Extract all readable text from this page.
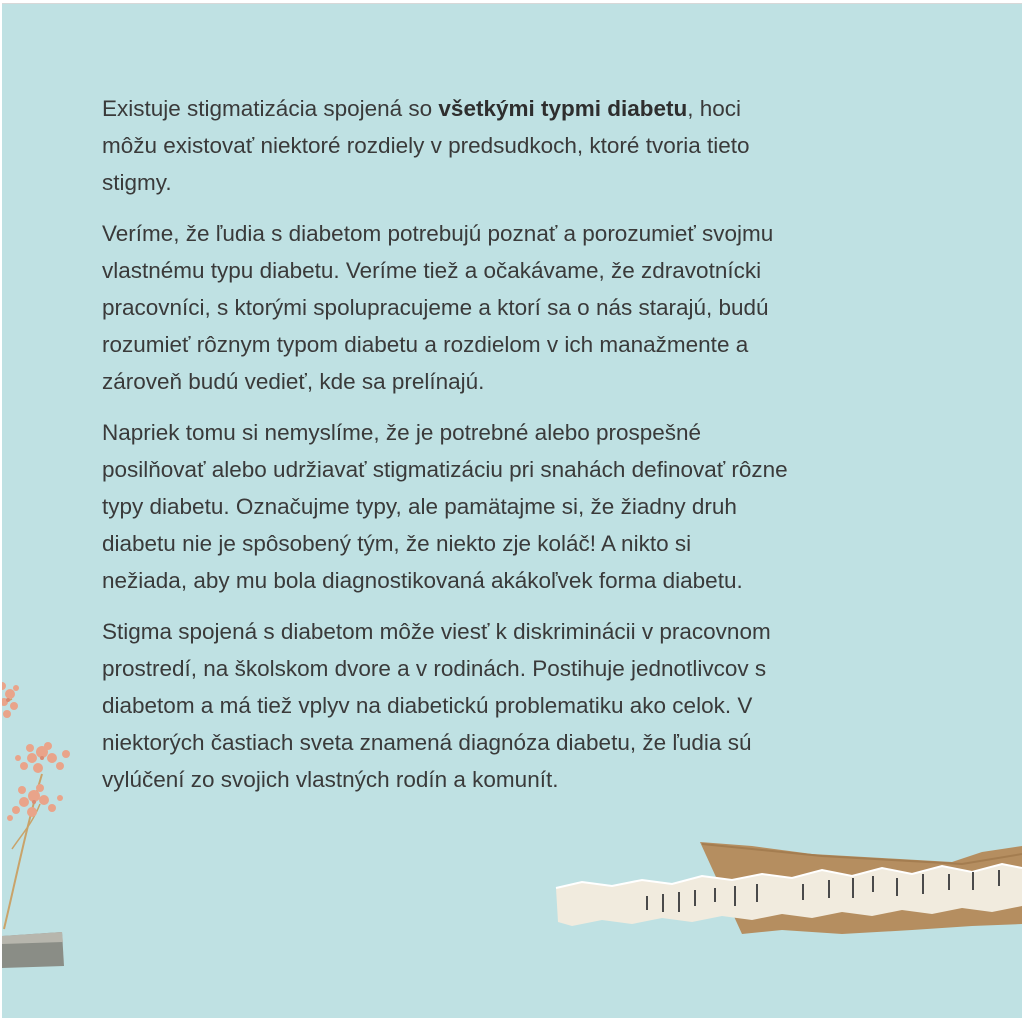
Existuje stigmatizácia spojená so všetkými typmi diabetu, hoci
môžu existovať niektoré rozdiely v predsudkoch, ktoré tvoria tieto
stigmy.

Veríme, že ľudia s diabetom potrebujú poznať a porozumieť svojmu
vlastnému typu diabetu. Veríme tiež a očakávame, že zdravotnícki
pracovníci, s ktorými spolupracujeme a ktorí sa o nás starajú, budú
rozumieť rôznym typom diabetu a rozdielom v ich manažmente a
zároveň budú vedieť, kde sa prelínajú.

Napriek tomu si nemyslíme, že je potrebné alebo prospešné
posilňovať alebo udržiavať stigmatizáciu pri snahách definovať rôzne
typy diabetu. Označujme typy, ale pamätajme si, že žiadny druh
diabetu nie je spôsobený tým, že niekto zje koláč! A nikto si
nežiada, aby mu bola diagnostikovaná akákoľvek forma diabetu.

Stigma spojená s diabetom môže viesť k diskriminácii v pracovnom
prostredí, na školskom dvore a v rodinách. Postihuje jednotlivcov s
diabetom a má tiež vplyv na diabetickú problematiku ako celok. V
niektorých častiach sveta znamená diagnóza diabetu, že ľudia sú
vylúčení zo svojich vlastných rodín a komunít.
